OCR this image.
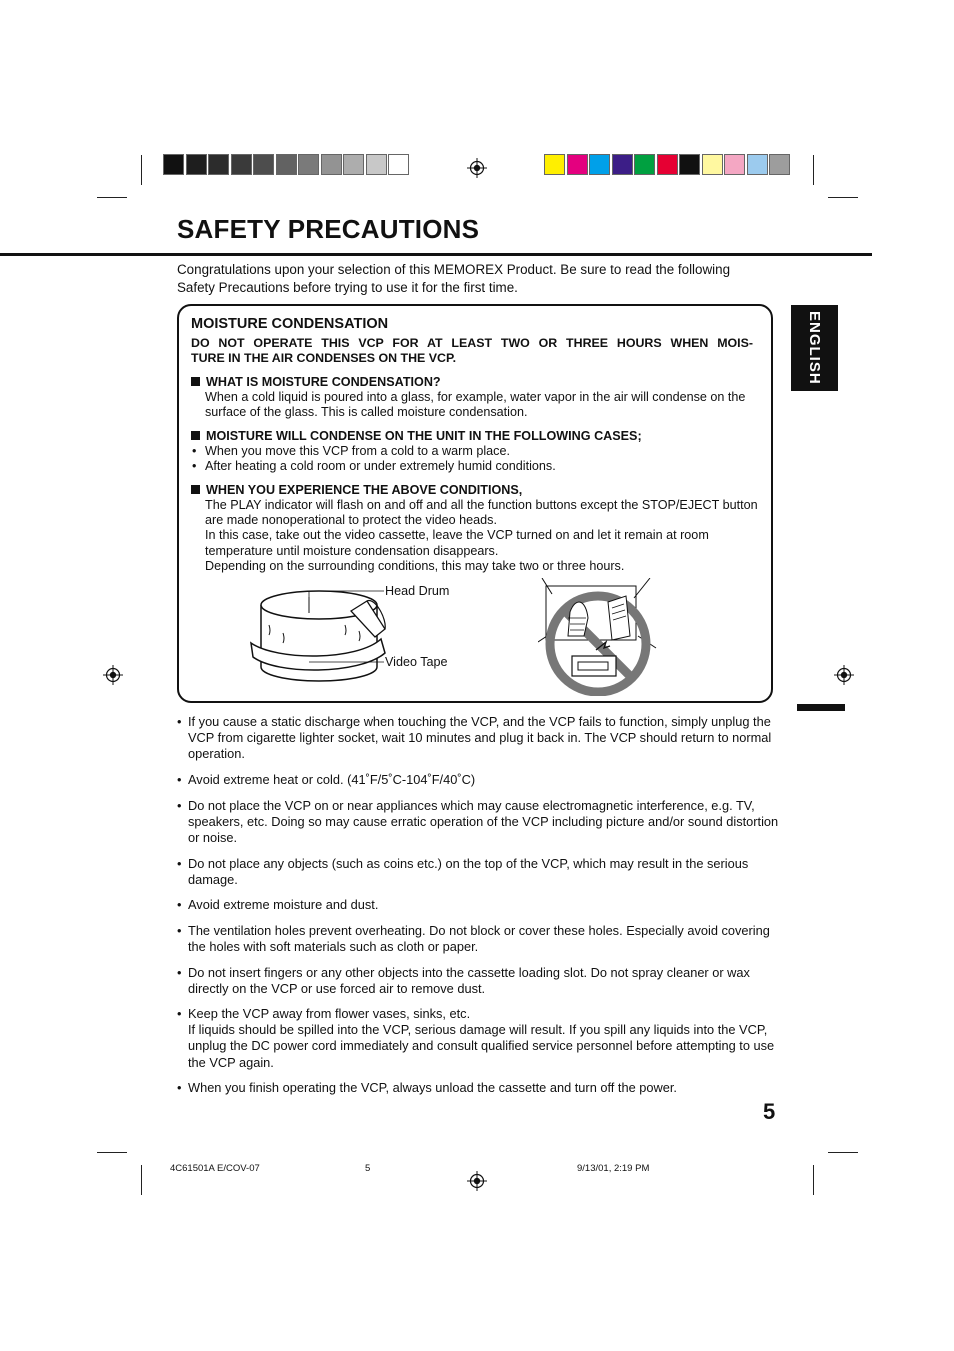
SAFETY PRECAUTIONS

Congratulations upon your selection of this MEMOREX Product. Be sure to read the following Safety Precautions before trying to use it for the first time.

ENGLISH
MOISTURE CONDENSATION
DO NOT OPERATE THIS VCP FOR AT LEAST TWO OR THREE HOURS WHEN MOIS-
TURE IN THE AIR CONDENSES ON THE VCP.
WHAT IS MOISTURE CONDENSATION?
When a cold liquid is poured into a glass, for example, water vapor in the air will condense on the surface of the glass. This is called moisture condensation.
MOISTURE WILL CONDENSE ON THE UNIT IN THE FOLLOWING CASES;
• When you move this VCP from a cold to a warm place.
• After heating a cold room or under extremely humid conditions.
WHEN YOU EXPERIENCE THE ABOVE CONDITIONS,
The PLAY indicator will flash on and off and all the function buttons except the STOP/EJECT button are made nonoperational to protect the video heads.
In this case, take out the video cassette, leave the VCP turned on and let it remain at room temperature until moisture condensation disappears.
Depending on the surrounding conditions, this may take two or three hours.
Head Drum
Video Tape
• If you cause a static discharge when touching the VCP, and the VCP fails to function, simply unplug the VCP from cigarette lighter socket, wait 10 minutes and plug it back in. The VCP should return to normal operation.
• Avoid extreme heat or cold. (41˚F/5˚C-104˚F/40˚C)
• Do not place the VCP on or near appliances which may cause electromagnetic interference, e.g. TV, speakers, etc. Doing so may cause erratic operation of the VCP including picture and/or sound distortion or noise.
• Do not place any objects (such as coins etc.) on the top of the VCP, which may result in the serious damage.
• Avoid extreme moisture and dust.
• The ventilation holes prevent overheating. Do not block or cover these holes. Especially avoid covering the holes with soft materials such as cloth or paper.
• Do not insert fingers or any other objects into the cassette loading slot. Do not spray cleaner or wax directly on the VCP or use forced air to remove dust.
• Keep the VCP away from flower vases, sinks, etc.
If liquids should be spilled into the VCP, serious damage will result. If you spill any liquids into the VCP, unplug the DC power cord immediately and consult qualified service personnel before attempting to use the VCP again.
• When you finish operating the VCP, always unload the cassette and turn off the power.
5
4C61501A E/COV-07	5	9/13/01, 2:19 PM
